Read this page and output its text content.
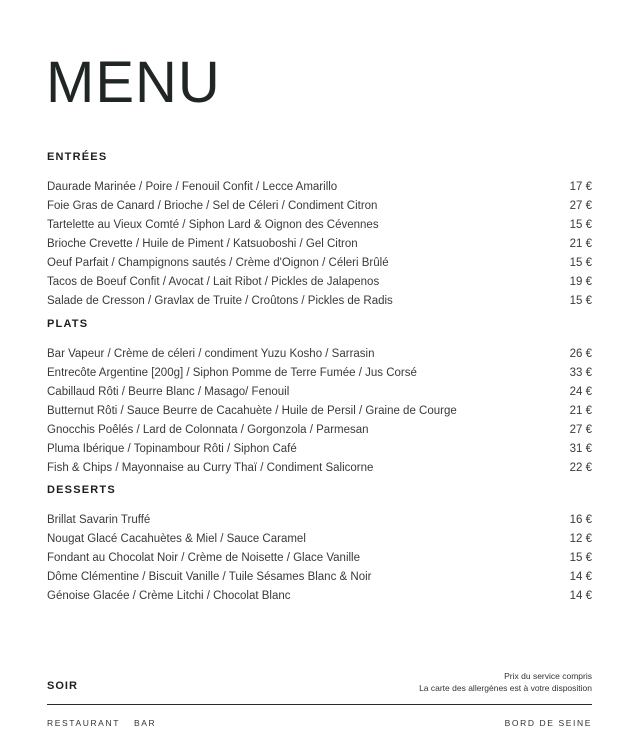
MENU
ENTRÉES
Daurade Marinée / Poire / Fenouil Confit / Lecce Amarillo	17 €
Foie Gras de Canard / Brioche / Sel de Céleri / Condiment Citron	27 €
Tartelette au Vieux Comté / Siphon Lard & Oignon des Cévennes	15 €
Brioche Crevette / Huile de Piment / Katsuoboshi / Gel Citron	21 €
Oeuf Parfait / Champignons sautés / Crème d'Oignon / Céleri Brûlé	15 €
Tacos de Boeuf Confit / Avocat / Lait Ribot / Pickles de Jalapenos	19 €
Salade de Cresson / Gravlax de Truite / Croûtons / Pickles de Radis	15 €
PLATS
Bar Vapeur / Crème de céleri / condiment Yuzu Kosho / Sarrasin	26 €
Entrecôte Argentine [200g] / Siphon Pomme de Terre Fumée / Jus Corsé	33 €
Cabillaud Rôti / Beurre Blanc / Masago/ Fenouil	24 €
Butternut Rôti / Sauce Beurre de Cacahuète / Huile de Persil / Graine de Courge	21 €
Gnocchis Poêlés / Lard de Colonnata / Gorgonzola / Parmesan	27 €
Pluma Ibérique / Topinambour Rôti / Siphon Café	31 €
Fish & Chips / Mayonnaise au Curry Thaï / Condiment Salicorne	22 €
DESSERTS
Brillat Savarin Truffé	16 €
Nougat Glacé Cacahuètes & Miel / Sauce Caramel	12 €
Fondant au Chocolat Noir / Crème de Noisette / Glace Vanille	15 €
Dôme Clémentine / Biscuit Vanille / Tuile Sésames Blanc & Noir	14 €
Génoise Glacée / Crème Litchi / Chocolat Blanc	14 €
SOIR
Prix du service compris
La carte des allergènes est à votre disposition
RESTAURANT BAR	BORD DE SEINE
